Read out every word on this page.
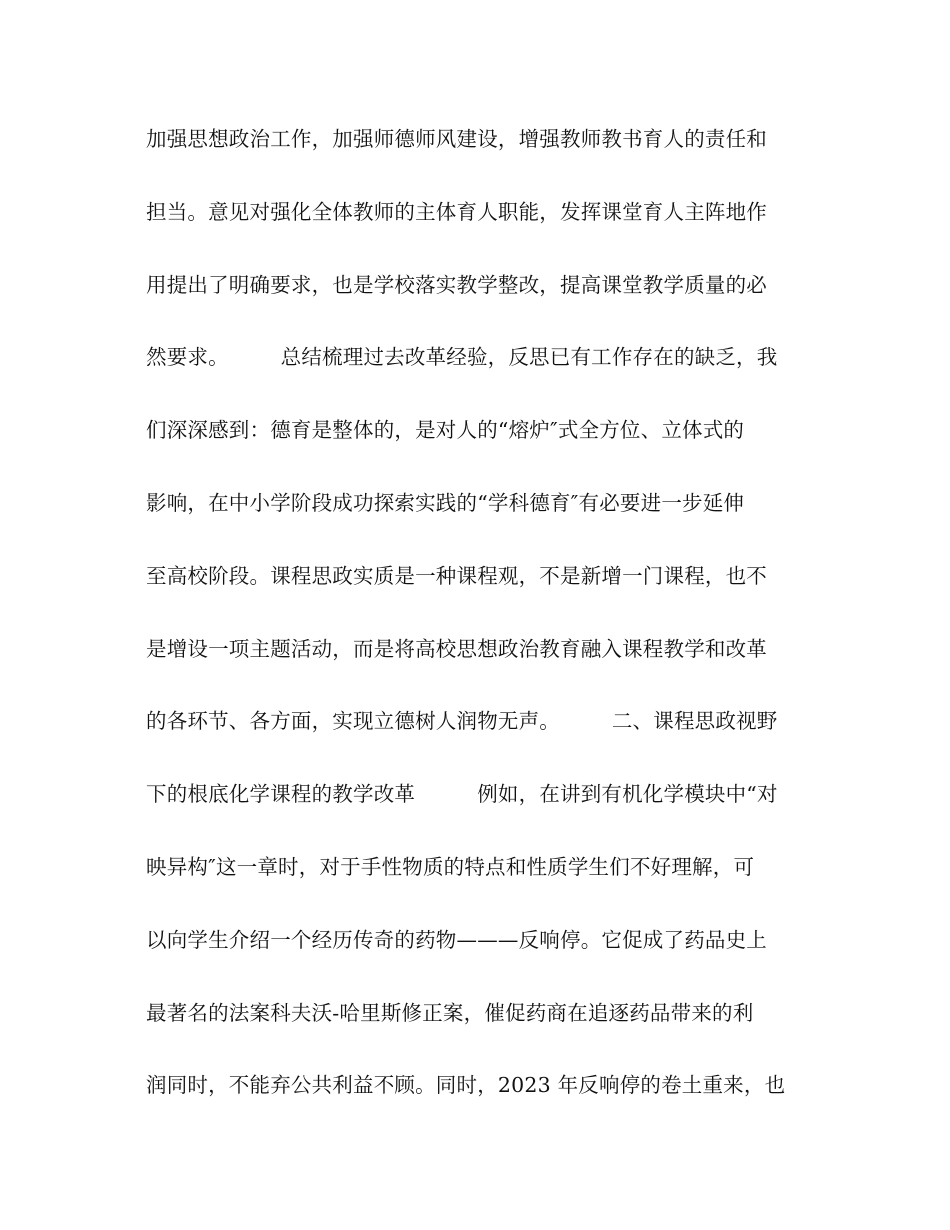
加强思想政治工作，加强师德师风建设，增强教师教书育人的责任和
担当。意见对强化全体教师的主体育人职能，发挥课堂育人主阵地作
用提出了明确要求，也是学校落实教学整改，提高课堂教学质量的必
然要求。　　　总结梳理过去改革经验，反思已有工作存在的缺乏，我
们深深感到：德育是整体的，是对人的“熔炉″式全方位、立体式的
影响，在中小学阶段成功探索实践的“学科德育″有必要进一步延伸
至高校阶段。课程思政实质是一种课程观，不是新增一门课程，也不
是增设一项主题活动，而是将高校思想政治教育融入课程教学和改革
的各环节、各方面，实现立德树人润物无声。　　　二、课程思政视野
下的根底化学课程的教学改革　　　例如，在讲到有机化学模块中“对
映异构″这一章时，对于手性物质的特点和性质学生们不好理解，可
以向学生介绍一个经历传奇的药物———反响停。它促成了药品史上
最著名的法案科夫沃-哈里斯修正案，催促药商在追逐药品带来的利
润同时，不能弃公共利益不顾。同时，2023 年反响停的卷土重来，也
